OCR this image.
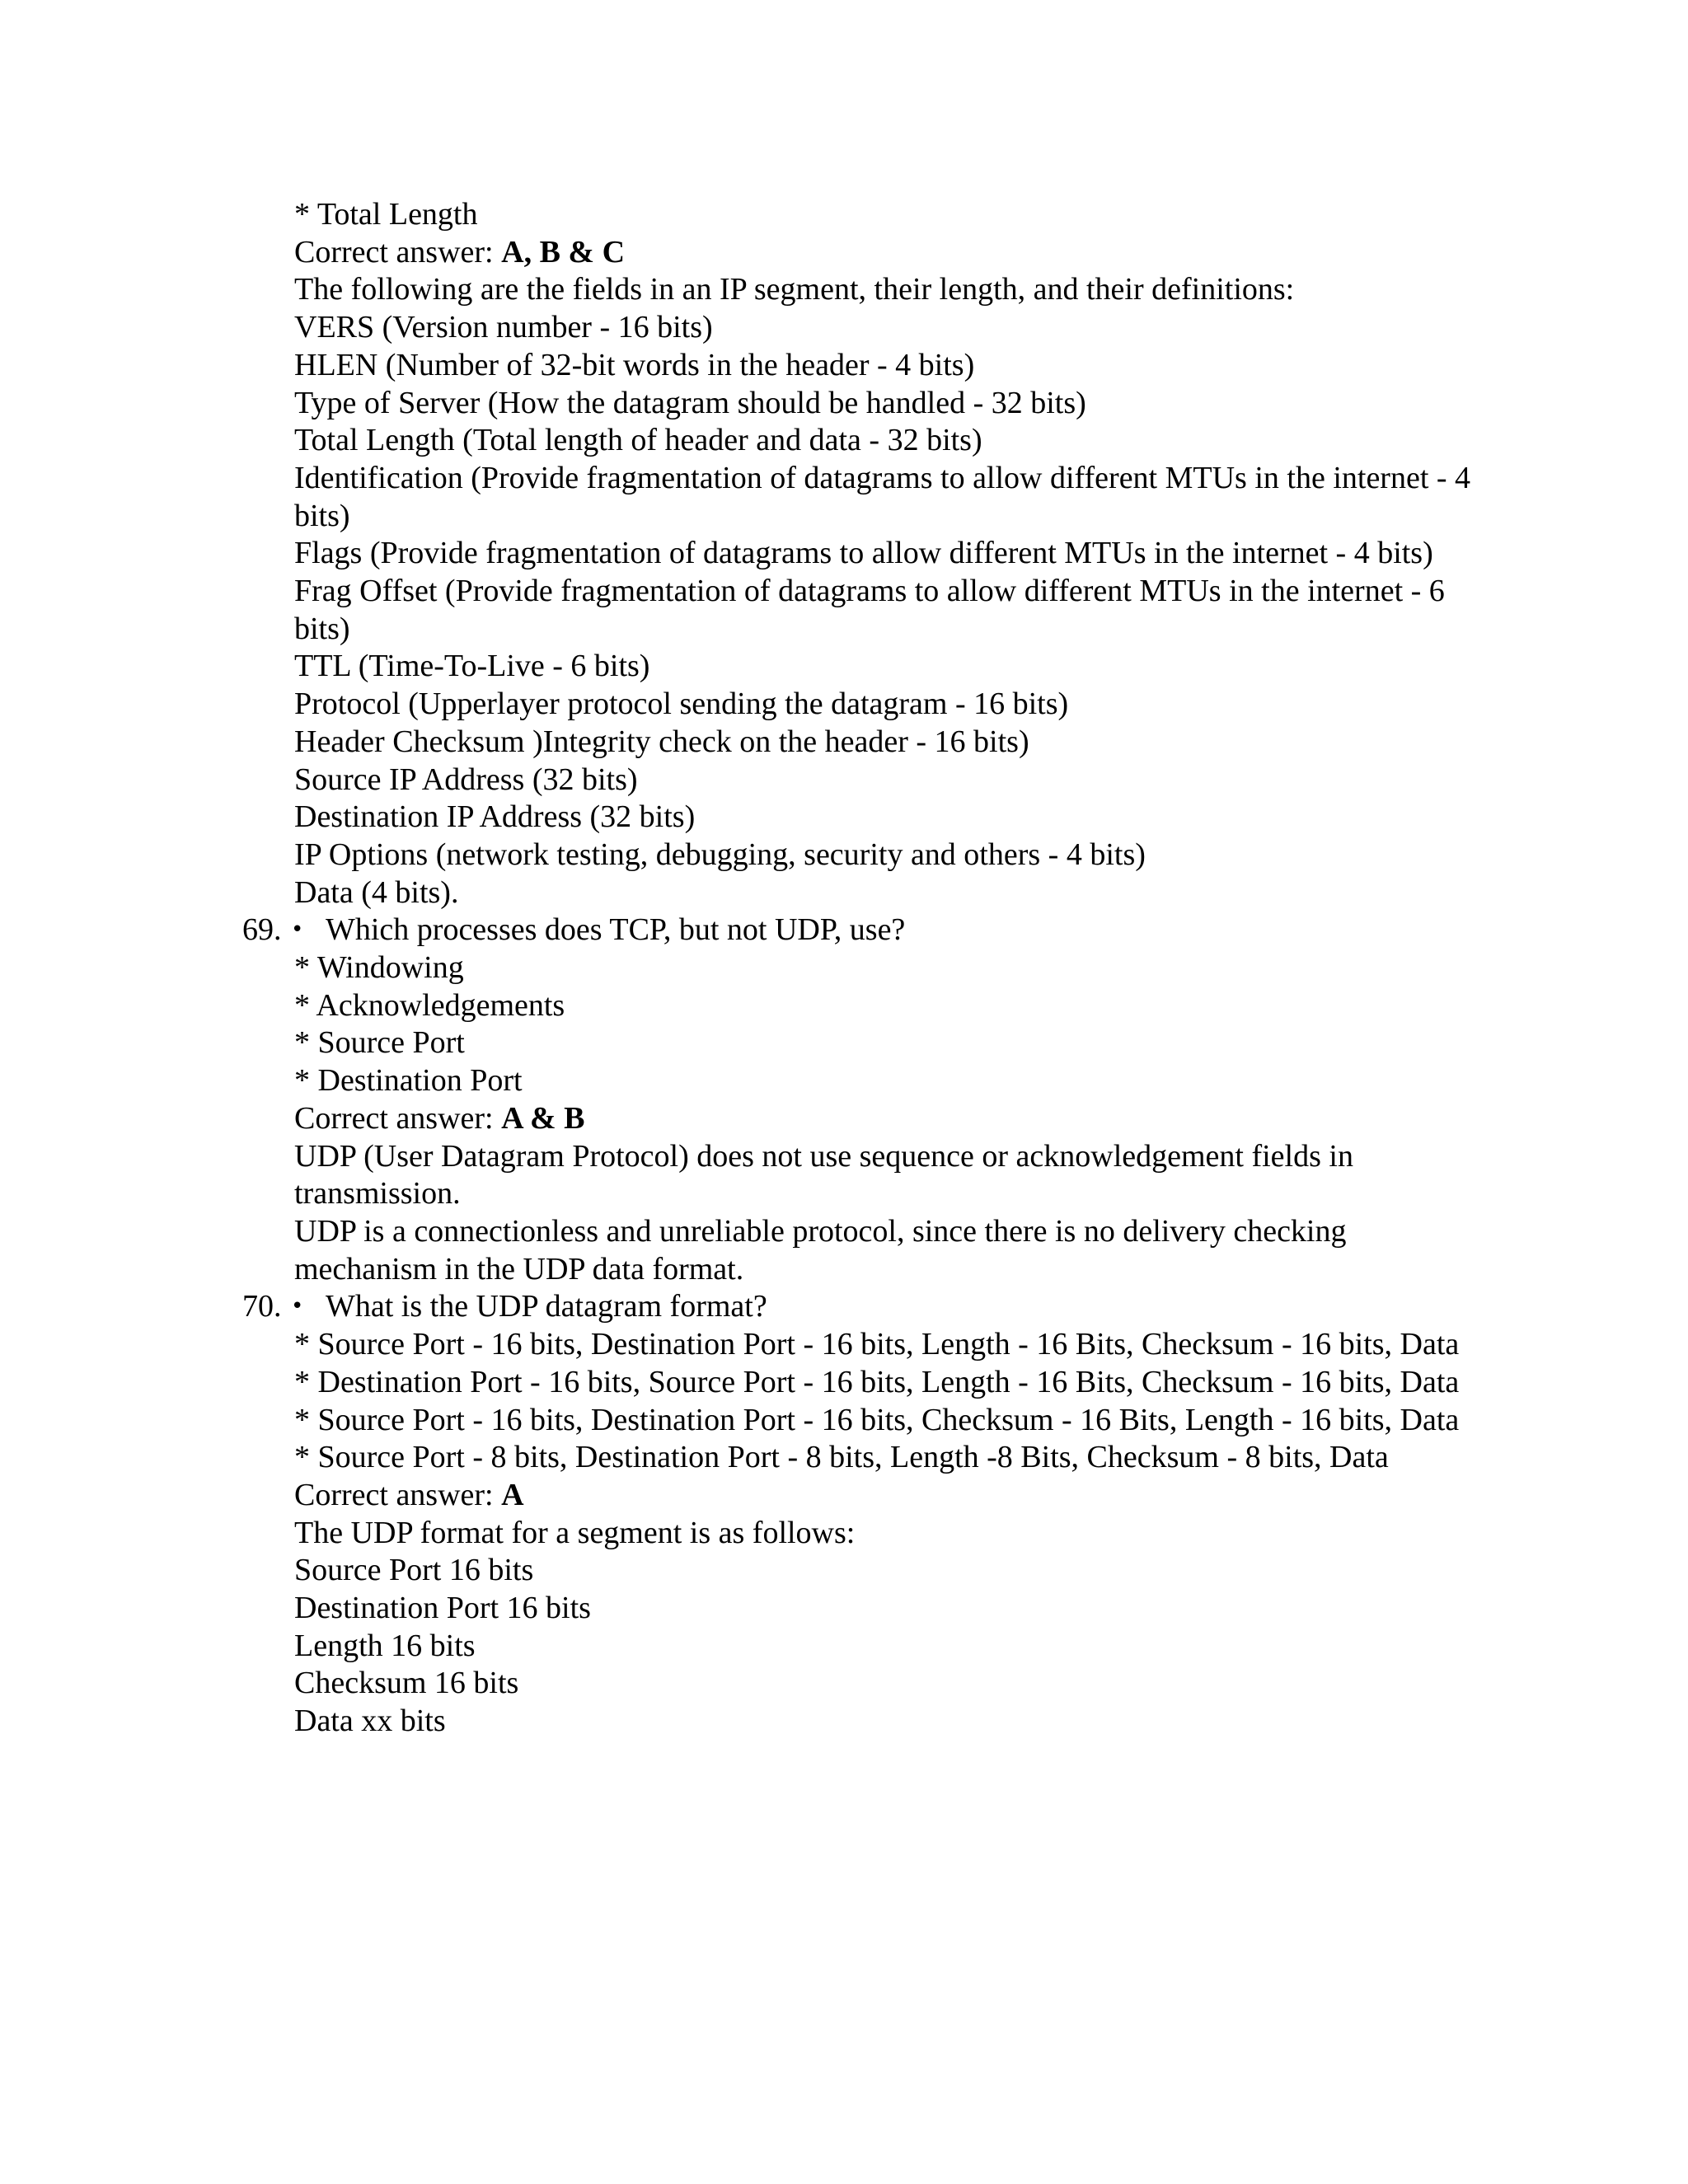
* Total Length
Correct answer: A, B & C
The following are the fields in an IP segment, their length, and their definitions:
VERS (Version number - 16 bits)
HLEN (Number of 32-bit words in the header - 4 bits)
Type of Server (How the datagram should be handled - 32 bits)
Total Length (Total length of header and data - 32 bits)
Identification (Provide fragmentation of datagrams to allow different MTUs in the internet - 4 bits)
Flags (Provide fragmentation of datagrams to allow different MTUs in the internet - 4 bits)
Frag Offset (Provide fragmentation of datagrams to allow different MTUs in the internet - 6 bits)
TTL (Time-To-Live - 6 bits)
Protocol (Upperlayer protocol sending the datagram - 16 bits)
Header Checksum )Integrity check on the header - 16 bits)
Source IP Address (32 bits)
Destination IP Address (32 bits)
IP Options (network testing, debugging, security and others - 4 bits)
Data (4 bits).
69. • Which processes does TCP, but not UDP, use?
* Windowing
* Acknowledgements
* Source Port
* Destination Port
Correct answer: A & B
UDP (User Datagram Protocol) does not use sequence or acknowledgement fields in transmission.
UDP is a connectionless and unreliable protocol, since there is no delivery checking mechanism in the UDP data format.
70. • What is the UDP datagram format?
* Source Port - 16 bits, Destination Port - 16 bits, Length - 16 Bits, Checksum - 16 bits, Data
* Destination Port - 16 bits, Source Port - 16 bits, Length - 16 Bits, Checksum - 16 bits, Data
* Source Port - 16 bits, Destination Port - 16 bits, Checksum - 16 Bits, Length - 16 bits, Data
* Source Port - 8 bits, Destination Port - 8 bits, Length -8 Bits, Checksum - 8 bits, Data
Correct answer: A
The UDP format for a segment is as follows:
Source Port 16 bits
Destination Port 16 bits
Length 16 bits
Checksum 16 bits
Data xx bits
